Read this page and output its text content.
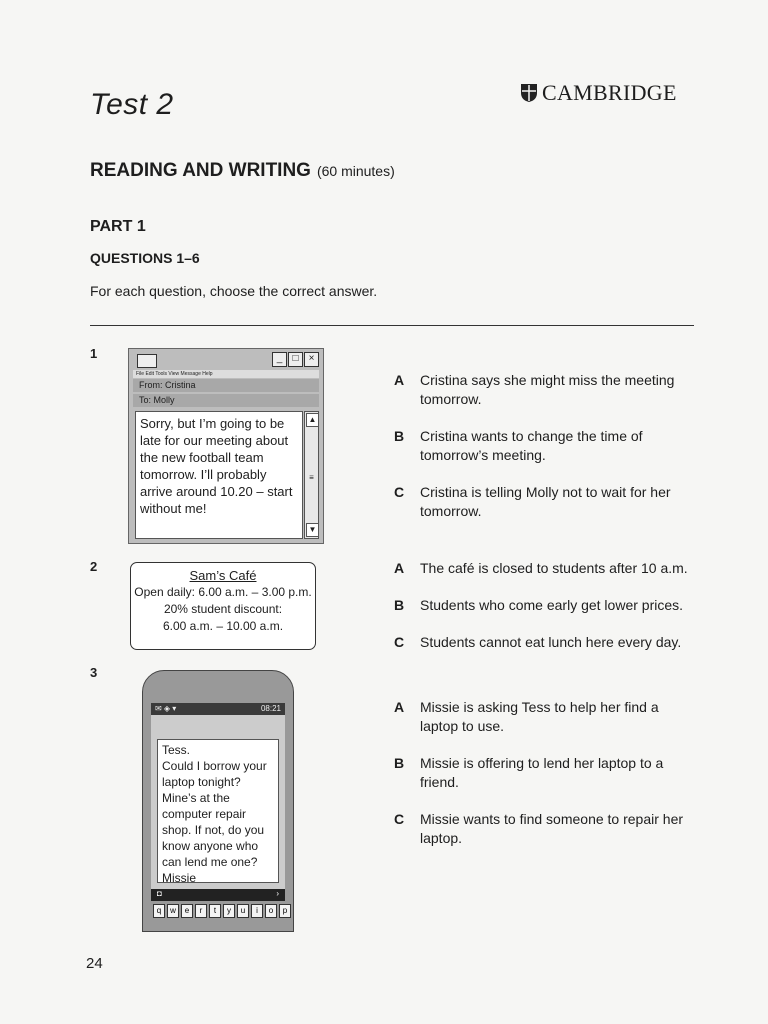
Test 2	CAMBRIDGE
READING AND WRITING (60 minutes)
PART 1
QUESTIONS 1–6
For each question, choose the correct answer.
1	_	□	×
File Edit Tools View Message Help
From: Cristina
To: Molly
Sorry, but I’m going to be late for our meeting about the new football team tomorrow. I’ll probably arrive around 10.20 – start without me!
▲
≡
▼
A	Cristina says she might miss the meeting tomorrow.
B	Cristina wants to change the time of tomorrow’s meeting.
C	Cristina is telling Molly not to wait for her tomorrow.
2
Sam’s Café
Open daily: 6.00 a.m. – 3.00 p.m.
20% student discount:
6.00 a.m. – 10.00 a.m.
A	The café is closed to students after 10 a.m.
B	Students who come early get lower prices.
C	Students cannot eat lunch here every day.
3
✉ ◈ ▾	08:21
Tess.
Could I borrow your laptop tonight? Mine’s at the computer repair shop. If not, do you know anyone who can lend me one?
Missie
◘	›
q	w	e	r	t	y	u	i	o	p
A	Missie is asking Tess to help her find a laptop to use.
B	Missie is offering to lend her laptop to a friend.
C	Missie wants to find someone to repair her laptop.
24
